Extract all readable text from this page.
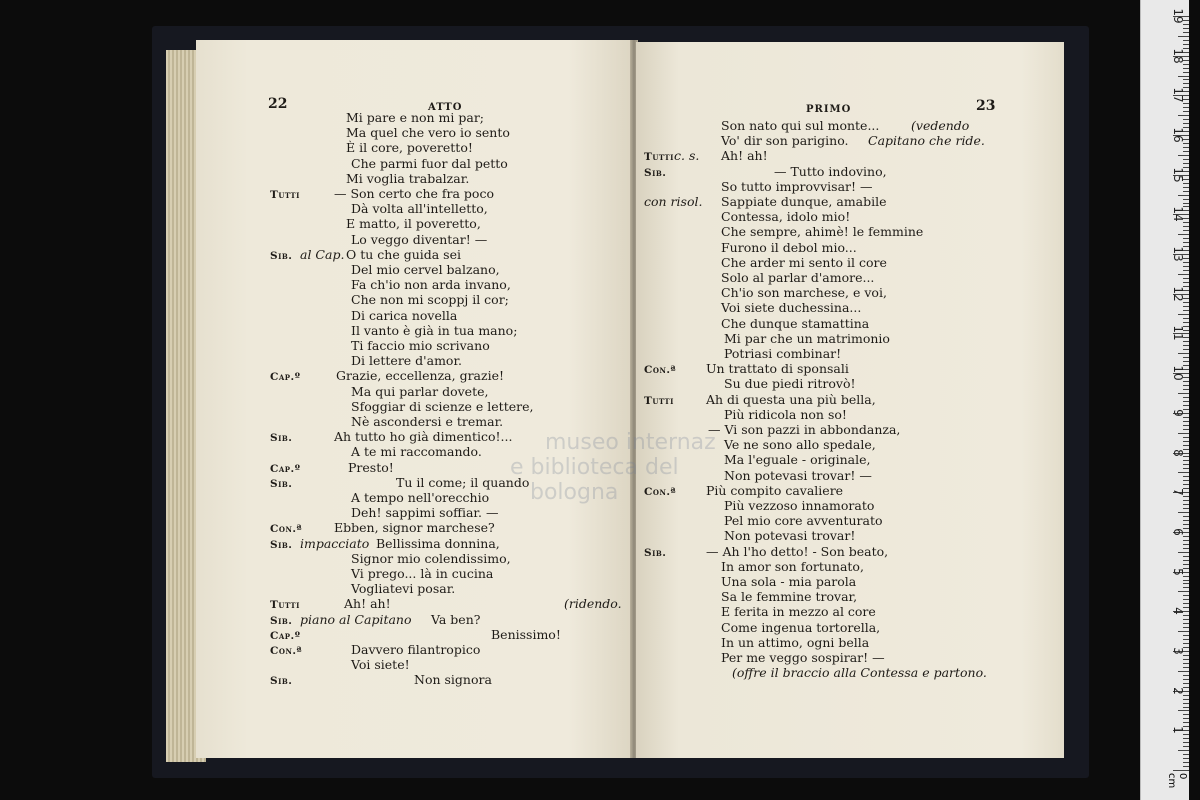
22	ATTO
Mi pare e non mi par;
Ma quel che vero io sento
È il core, poveretto!
Che parmi fuor dal petto
Mi voglia trabalzar.
Tutti	— Son certo che fra poco
Dà volta all'intelletto,
E matto, il poveretto,
Lo veggo diventar! —
Sib. al Cap. O tu che guida sei
Del mio cervel balzano,
Fa ch'io non arda invano,
Che non mi scoppj il cor;
Di carica novella
Il vanto è già in tua mano;
Ti faccio mio scrivano
Di lettere d'amor.
Cap.º	Grazie, eccellenza, grazie!
Ma qui parlar dovete,
Sfoggiar di scienze e lettere,
Nè ascondersi e tremar.
Sib.	Ah tutto ho già dimentico!...
A te mi raccomando.
Cap.º	Presto!
Sib.	Tu il come; il quando
A tempo nell'orecchio
Deh! sappimi soffiar. —
Con.ª	Ebben, signor marchese?
Sib. impacciato Bellissima donnina,
Signor mio colendissimo,
Vi prego... là in cucina
Vogliatevi posar.
Tutti	Ah! ah!	(ridendo.
Sib. piano al Capitano Va ben?
Cap.º	Benissimo!
Con.ª	Davvero filantropico
Voi siete!
Sib.	Non signora
PRIMO	23
Son nato qui sul monte...	(vedendo
Vo' dir son parigino. Capitano che ride.
Tutti c. s. Ah! ah!
Sib.	— Tutto indovino,
So tutto improvvisar! —
con risol. Sappiate dunque, amabile
Contessa, idolo mio!
Che sempre, ahimè! le femmine
Furono il debol mio...
Che arder mi sento il core
Solo al parlar d'amore...
Ch'io son marchese, e voi,
Voi siete duchessina...
Che dunque stamattina
Mi par che un matrimonio
Potriasi combinar!
Con.ª Un trattato di sponsali
Su due piedi ritrovò!
Tutti	Ah di questa una più bella,
Più ridicola non so!
— Vi son pazzi in abbondanza,
Ve ne sono allo spedale,
Ma l'eguale - originale,
Non potevasi trovar! —
Con.ª Più compito cavaliere
Più vezzoso innamorato
Pel mio core avventurato
Non potevasi trovar!
Sib.	— Ah l'ho detto! - Son beato,
In amor son fortunato,
Una sola - mia parola
Sa le femmine trovar,
E ferita in mezzo al core
Come ingenua tortorella,
In un attimo, ogni bella
Per me veggo sospirar! —
(offre il braccio alla Contessa e partono.
museo internaz
e biblioteca del
bologna
1
2
3
4
5
6
7
8
9
10
11
12
13
14
15
16
17
18
19
0 cm
